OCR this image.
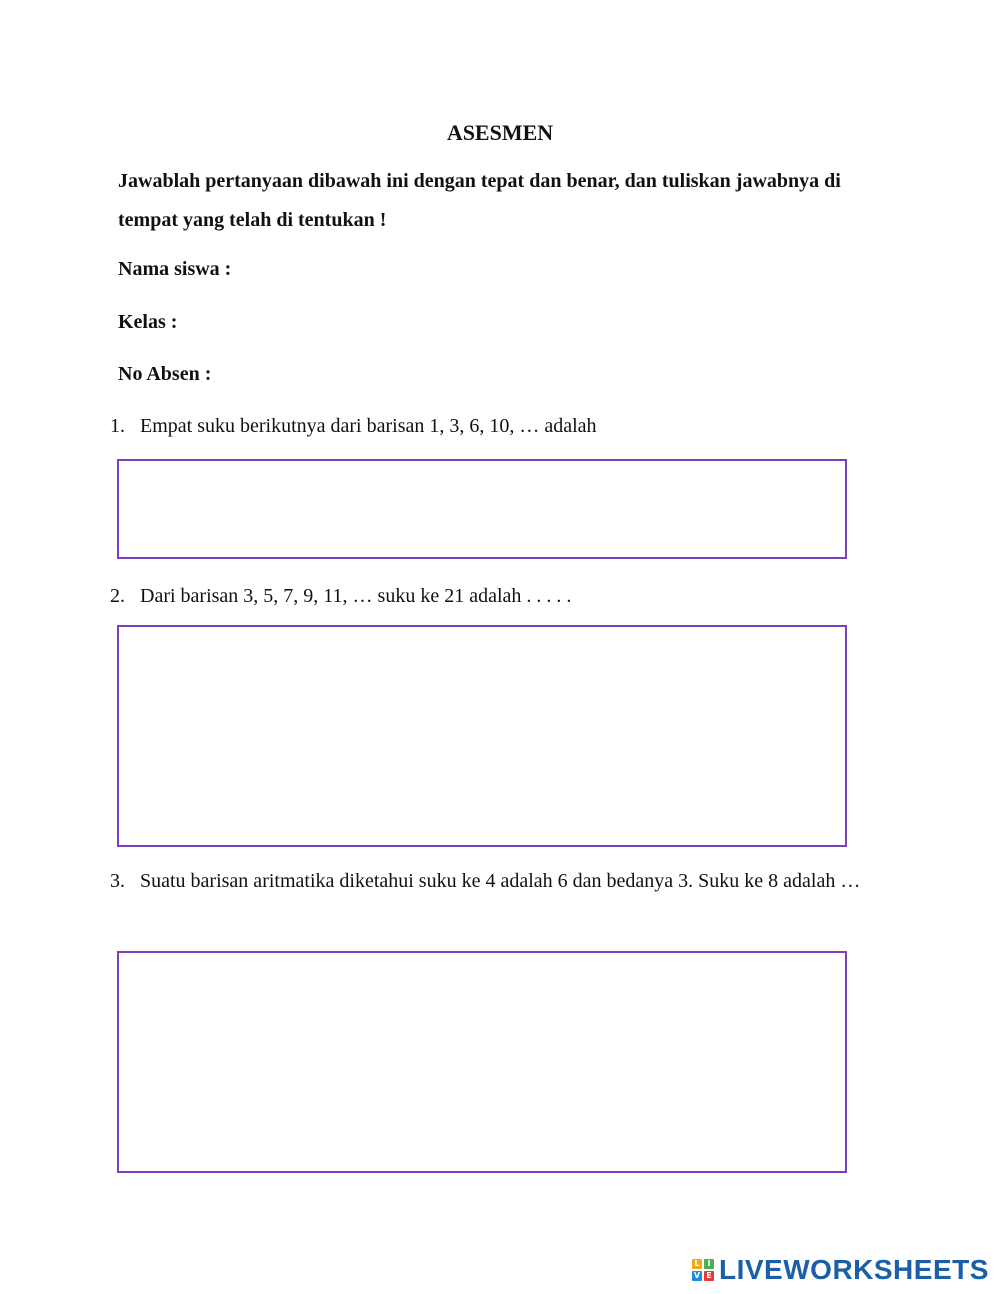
ASESMEN
Jawablah pertanyaan dibawah ini dengan tepat dan benar, dan tuliskan jawabnya di tempat yang telah di tentukan !
Nama siswa :
Kelas :
No Absen :
1. Empat suku berikutnya dari barisan 1, 3, 6, 10, … adalah
2. Dari barisan 3, 5, 7, 9, 11, … suku ke 21 adalah . . . . .
3. Suatu barisan aritmatika diketahui suku ke 4 adalah 6 dan bedanya 3. Suku ke 8 adalah …
L I
V E LIVEWORKSHEETS
